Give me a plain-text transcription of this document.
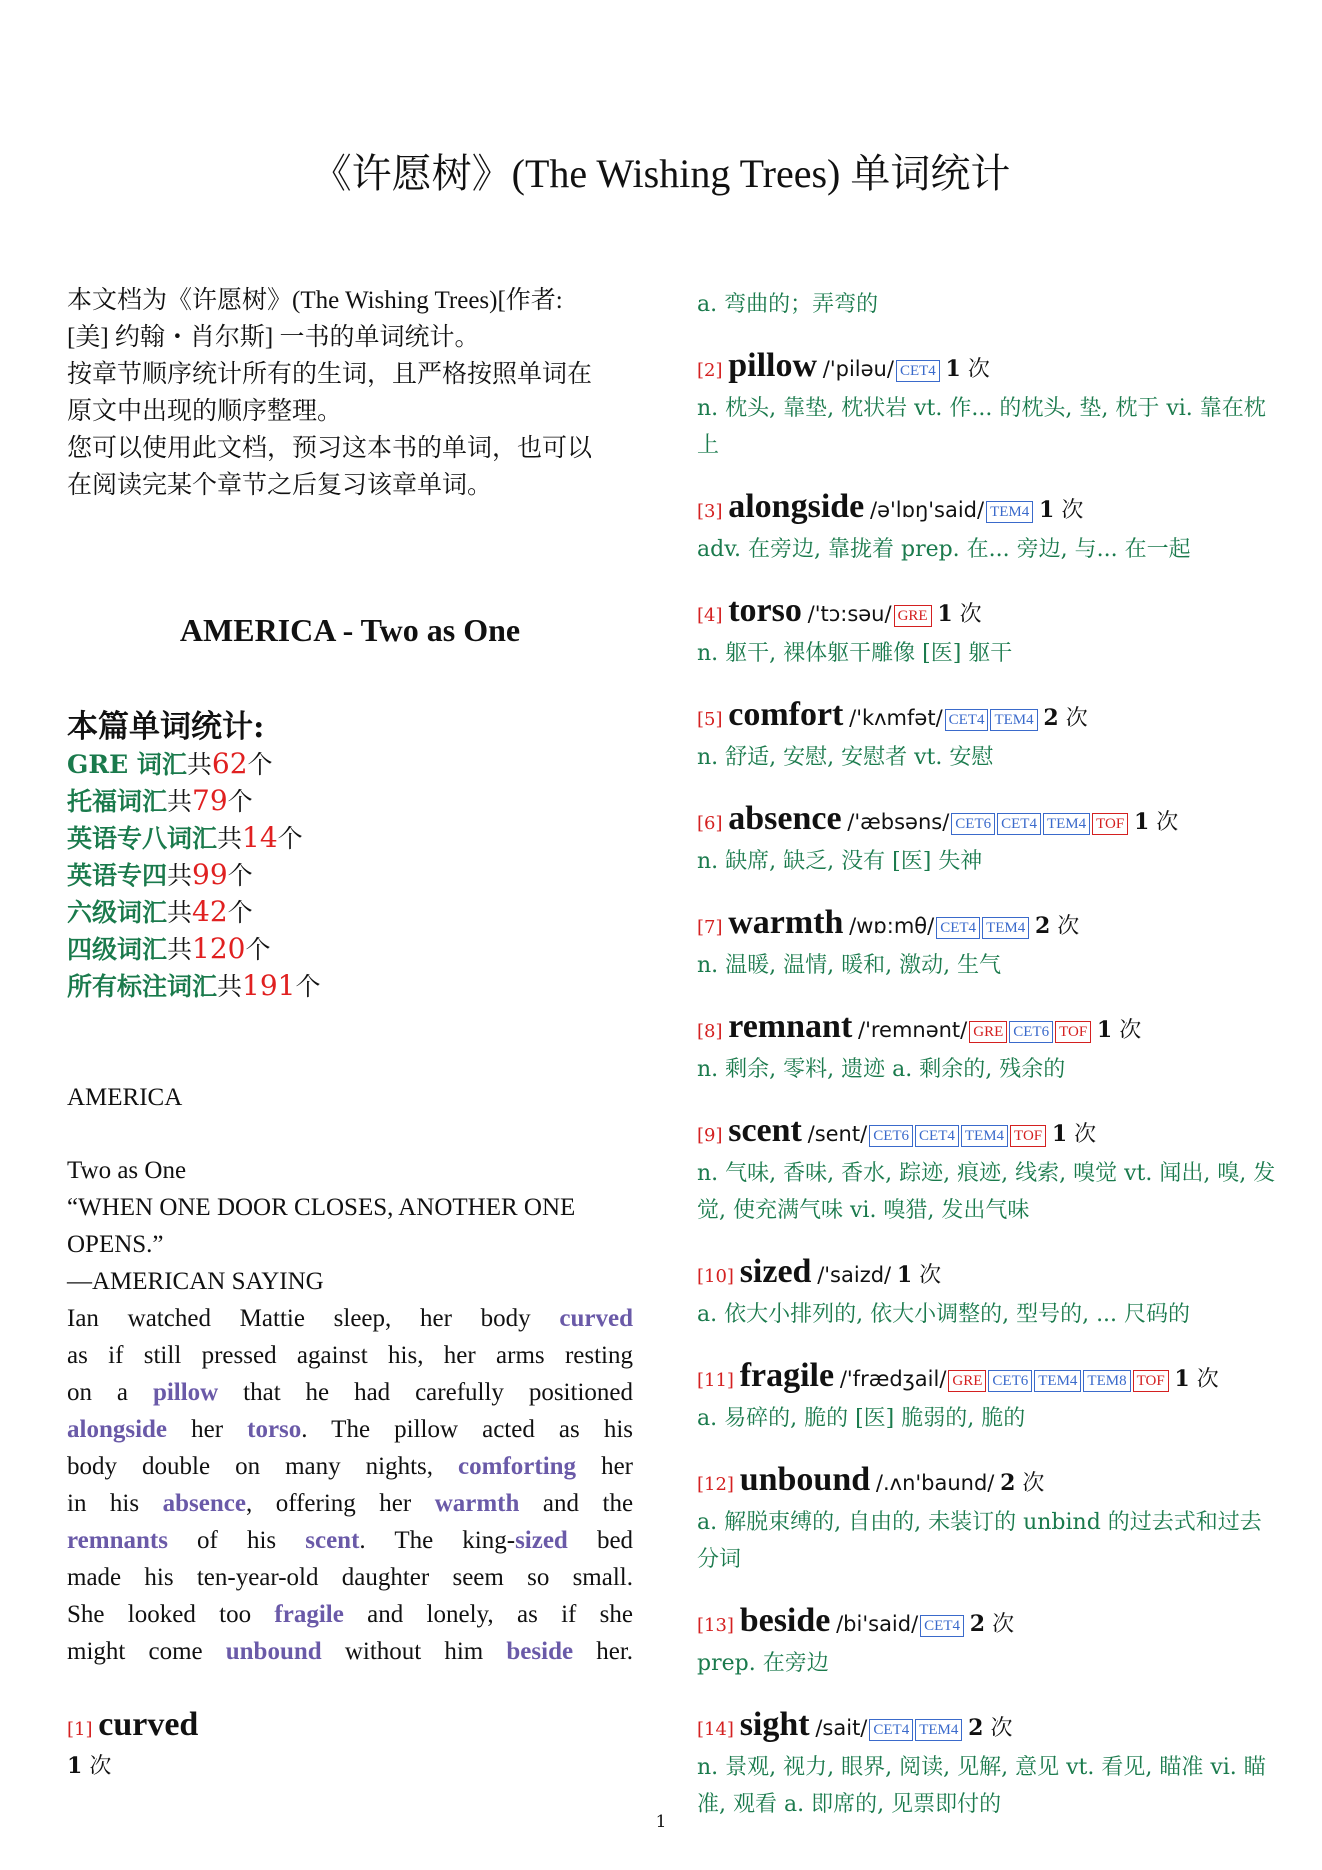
《许愿树》(The Wishing Trees) 单词统计

本文档为《许愿树》(The Wishing Trees)[作者:

[美] 约翰・肖尔斯] 一书的单词统计。

按章节顺序统计所有的生词，且严格按照单词在

原文中出现的顺序整理。

您可以使用此文档，预习这本书的单词，也可以

在阅读完某个章节之后复习该章单词。

AMERICA - Two as One
本篇单词统计:
GRE 词汇共62个
托福词汇共79个
英语专八词汇共14个
英语专四共99个
六级词汇共42个
四级词汇共120个
所有标注词汇共191个
AMERICA
Two as One
“WHEN ONE DOOR CLOSES, ANOTHER ONE
OPENS.”
—AMERICAN SAYING
Ian watched Mattie sleep, her body curved
as if still pressed against his, her arms resting
on a pillow that he had carefully positioned
alongside her torso. The pillow acted as his
body double on many nights, comforting her
in his absence, offering her warmth and the
remnants of his scent. The king-sized bed
made his ten-year-old daughter seem so small.
She looked too fragile and lonely, as if she
might come unbound without him beside her.
[1] curved
1 次
a. 弯曲的；弄弯的
[2] pillow /'piləu/ CET4 1 次
n. 枕头, 靠垫, 枕状岩 vt. 作... 的枕头, 垫, 枕于 vi. 靠在枕上
[3] alongside /ə'lɒŋ'said/ TEM4 1 次
adv. 在旁边, 靠拢着 prep. 在... 旁边, 与... 在一起
[4] torso /'tɔ:səu/ GRE 1 次
n. 躯干, 裸体躯干雕像 [医] 躯干
[5] comfort /'kʌmfət/ CET4 TEM4 2 次
n. 舒适, 安慰, 安慰者 vt. 安慰
[6] absence /'æbsəns/ CET6 CET4 TEM4 TOF 1 次
n. 缺席, 缺乏, 没有 [医] 失神
[7] warmth /wɒ:mθ/ CET4 TEM4 2 次
n. 温暖, 温情, 暖和, 激动, 生气
[8] remnant /'remnənt/ GRE CET6 TOF 1 次
n. 剩余, 零料, 遗迹 a. 剩余的, 残余的
[9] scent /sent/ CET6 CET4 TEM4 TOF 1 次
n. 气味, 香味, 香水, 踪迹, 痕迹, 线索, 嗅觉 vt. 闻出, 嗅, 发觉, 使充满气味 vi. 嗅猎, 发出气味
[10] sized /'saizd/ 1 次
a. 依大小排列的, 依大小调整的, 型号的, ... 尺码的
[11] fragile /'frædʒail/ GRE CET6 TEM4 TEM8 TOF 1 次
a. 易碎的, 脆的 [医] 脆弱的, 脆的
[12] unbound /.ʌn'baund/ 2 次
a. 解脱束缚的, 自由的, 未装订的 unbind 的过去式和过去分词
[13] beside /bi'said/ CET4 2 次
prep. 在旁边
[14] sight /sait/ CET4 TEM4 2 次
n. 景观, 视力, 眼界, 阅读, 见解, 意见 vt. 看见, 瞄准 vi. 瞄准, 观看 a. 即席的, 见票即付的
1
